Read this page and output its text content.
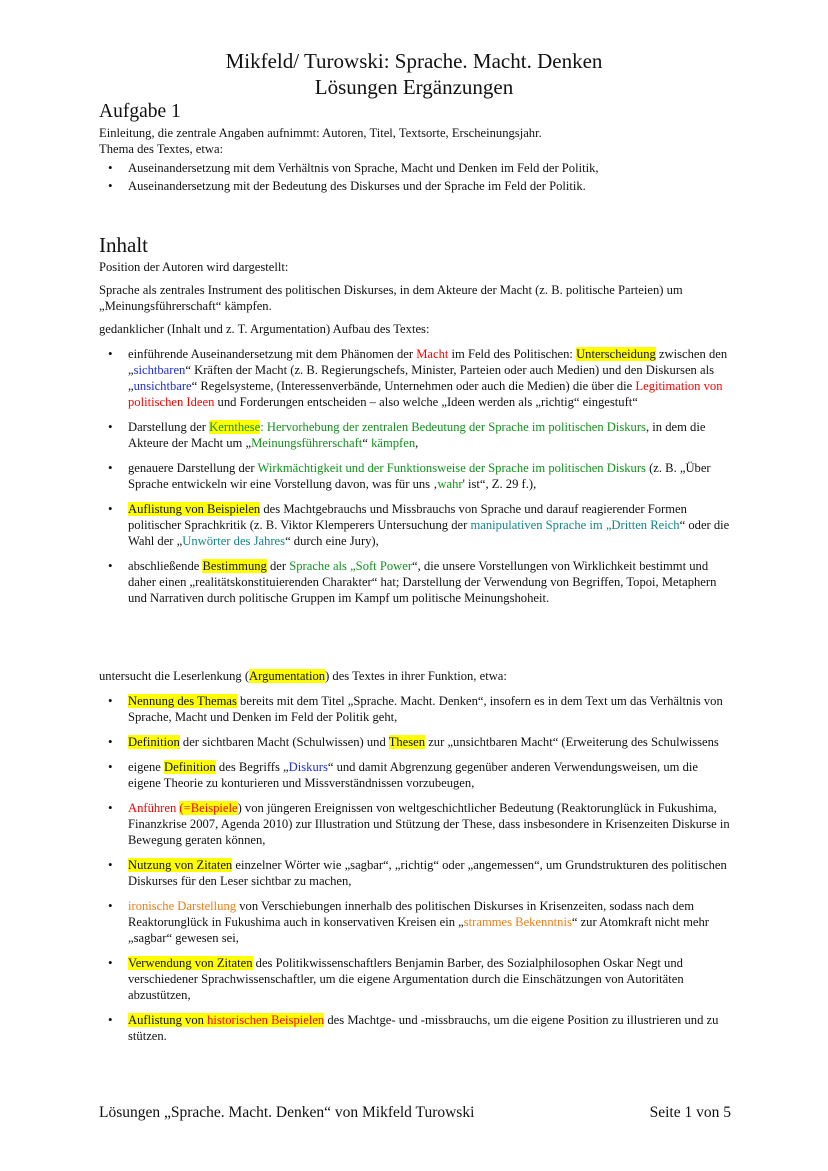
Mikfeld/ Turowski: Sprache. Macht. Denken
Lösungen Ergänzungen
Aufgabe 1
Einleitung, die zentrale Angaben aufnimmt: Autoren, Titel, Textsorte, Erscheinungsjahr.
Thema des Textes, etwa:
• Auseinandersetzung mit dem Verhältnis von Sprache, Macht und Denken im Feld der Politik,
• Auseinandersetzung mit der Bedeutung des Diskurses und der Sprache im Feld der Politik.
Inhalt
Position der Autoren wird dargestellt:
Sprache als zentrales Instrument des politischen Diskurses, in dem Akteure der Macht (z. B. politische Parteien) um „Meinungsführerschaft“ kämpfen.
gedanklicher (Inhalt und z. T. Argumentation) Aufbau des Textes:
• einführende Auseinandersetzung mit dem Phänomen der Macht im Feld des Politischen: Unterscheidung zwischen den „sichtbaren“ Kräften der Macht (z. B. Regierungschefs, Minister, Parteien oder auch Medien) und den Diskursen als „unsichtbare“ Regelsysteme, (Interessenverbände, Unternehmen oder auch die Medien) die über die Legitimation von politischen Ideen und Forderungen entscheiden – also welche „Ideen werden als „richtig“ eingestuft“
• Darstellung der Kernthese: Hervorhebung der zentralen Bedeutung der Sprache im politischen Diskurs, in dem die Akteure der Macht um „Meinungsführerschaft“ kämpfen,
• genauere Darstellung der Wirkmächtigkeit und der Funktionsweise der Sprache im politischen Diskurs (z. B. „Über Sprache entwickeln wir eine Vorstellung davon, was für uns ‚wahr' ist“, Z. 29 f.),
• Auflistung von Beispielen des Machtgebrauchs und Missbrauchs von Sprache und darauf reagierender Formen politischer Sprachkritik (z. B. Viktor Klemperers Untersuchung der manipulativen Sprache im „Dritten Reich“ oder die Wahl der „Unwörter des Jahres“ durch eine Jury),
• abschließende Bestimmung der Sprache als „Soft Power“, die unsere Vorstellungen von Wirklichkeit bestimmt und daher einen „realitätskonstituierenden Charakter“ hat; Darstellung der Verwendung von Begriffen, Topoi, Metaphern und Narrativen durch politische Gruppen im Kampf um politische Meinungshoheit.
untersucht die Leserlenkung (Argumentation) des Textes in ihrer Funktion, etwa:
• Nennung des Themas bereits mit dem Titel „Sprache. Macht. Denken“, insofern es in dem Text um das Verhältnis von Sprache, Macht und Denken im Feld der Politik geht,
• Definition der sichtbaren Macht (Schulwissen) und Thesen zur „unsichtbaren Macht“ (Erweiterung des Schulwissens
• eigene Definition des Begriffs „Diskurs“ und damit Abgrenzung gegenüber anderen Verwendungsweisen, um die eigene Theorie zu konturieren und Missverständnissen vorzubeugen,
• Anführen (=Beispiele) von jüngeren Ereignissen von weltgeschichtlicher Bedeutung (Reaktorunglück in Fukushima, Finanzkrise 2007, Agenda 2010) zur Illustration und Stützung der These, dass insbesondere in Krisenzeiten Diskurse in Bewegung geraten können,
• Nutzung von Zitaten einzelner Wörter wie „sagbar“, „richtig“ oder „angemessen“, um Grundstrukturen des politischen Diskurses für den Leser sichtbar zu machen,
• ironische Darstellung von Verschiebungen innerhalb des politischen Diskurses in Krisenzeiten, sodass nach dem Reaktorunglück in Fukushima auch in konservativen Kreisen ein „strammes Bekenntnis“ zur Atomkraft nicht mehr „sagbar“ gewesen sei,
• Verwendung von Zitaten des Politikwissenschaftlers Benjamin Barber, des Sozialphilosophen Oskar Negt und verschiedener Sprachwissenschaftler, um die eigene Argumentation durch die Einschätzungen von Autoritäten abzustützen,
• Auflistung von historischen Beispielen des Machtge- und -missbrauchs, um die eigene Position zu illustrieren und zu stützen.
Lösungen „Sprache. Macht. Denken“ von Mikfeld Turowski	Seite 1 von 5
